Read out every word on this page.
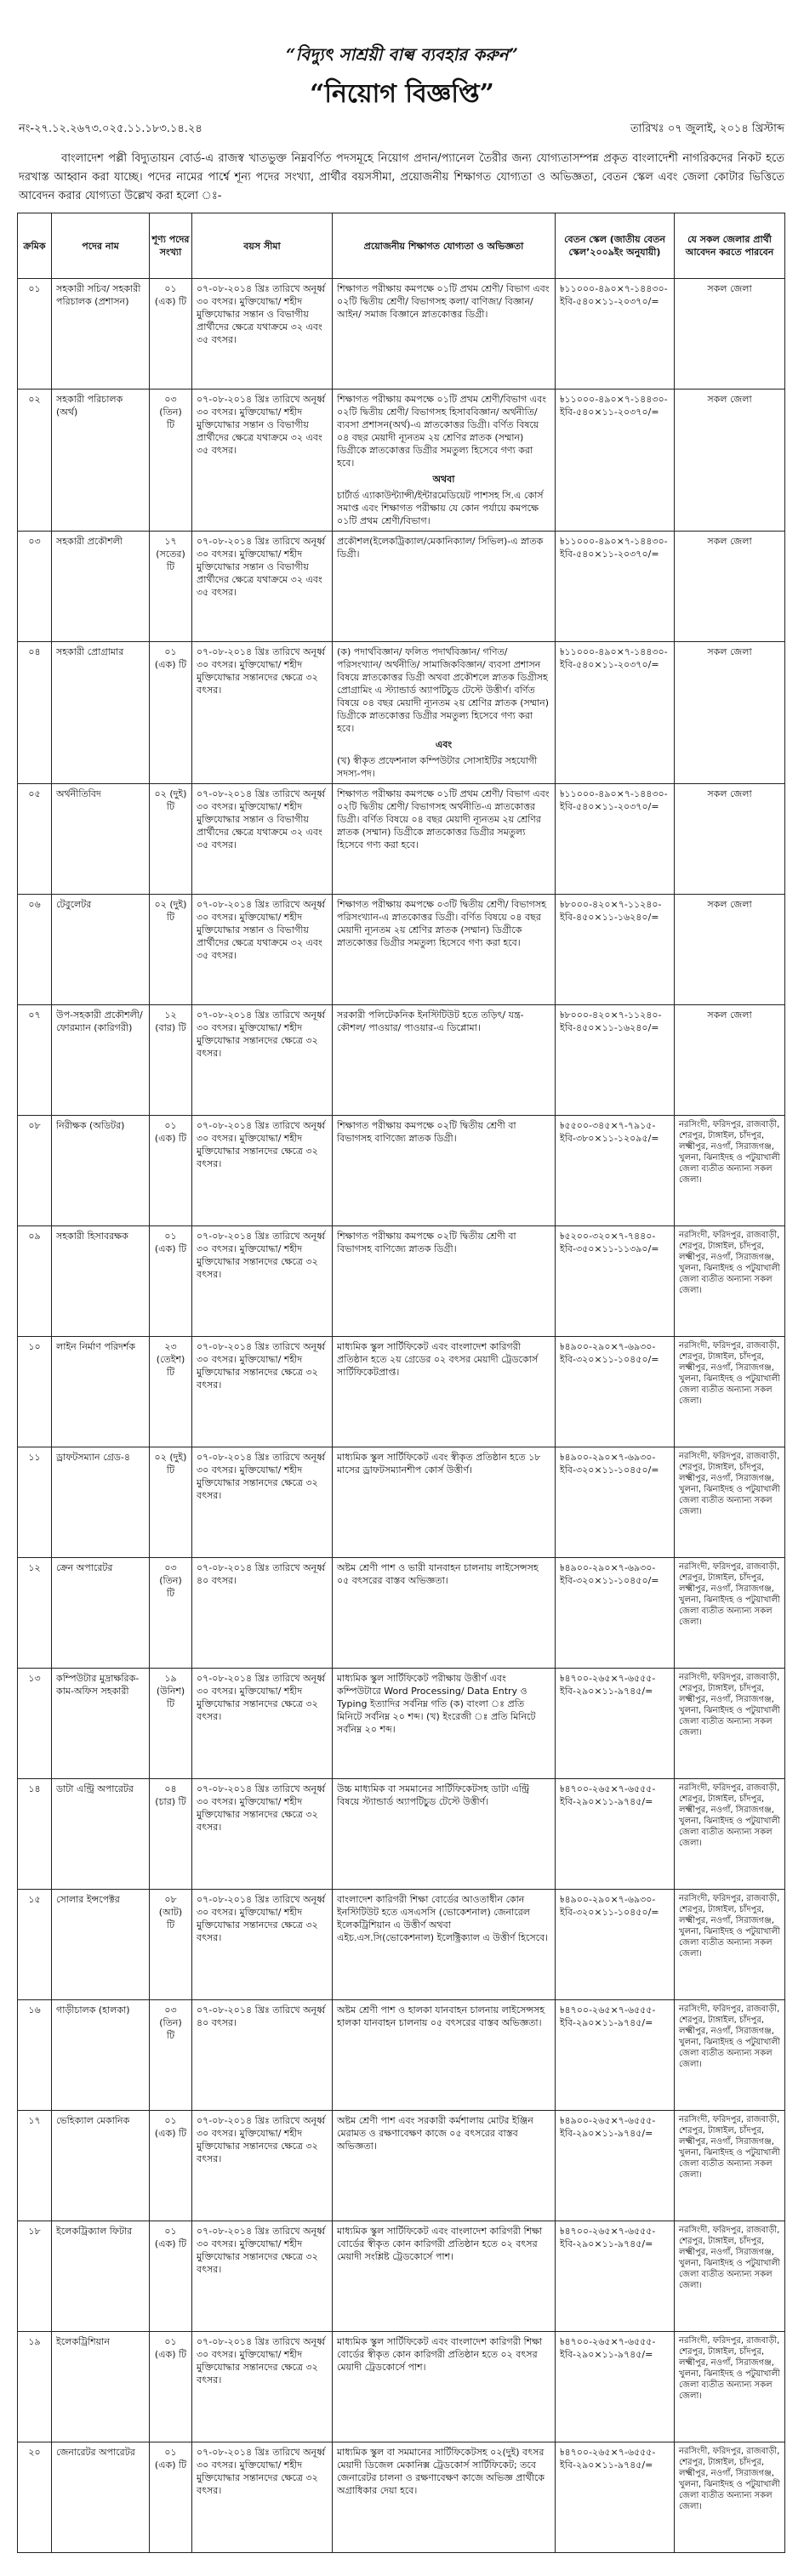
“বিদ্যুৎ সাশ্রয়ী বাল্ব ব্যবহার করুন”
“নিয়োগ বিজ্ঞপ্তি”
নং-২৭.১২.২৬৭৩.০২৫.১১.১৮৩.১৪.২৪	তারিখঃ ০৭ জুলাই, ২০১৪ খ্রিস্টাব্দ

বাংলাদেশ পল্লী বিদ্যুতায়ন বোর্ড-এ রাজস্ব খাতভুক্ত নিম্নবর্ণিত পদসমূহে নিয়োগ প্রদান/প্যানেল তৈরীর জন্য যোগ্যতাসম্পন্ন প্রকৃত বাংলাদেশী নাগরিকদের নিকট হতে দরখাস্ত আহ্বান করা যাচ্ছে। পদের নামের পার্শ্বে শূন্য পদের সংখ্যা, প্রার্থীর বয়সসীমা, প্রয়োজনীয় শিক্ষাগত যোগ্যতা ও অভিজ্ঞতা, বেতন স্কেল এবং জেলা কোটার ভিত্তিতে আবেদন করার যোগ্যতা উল্লেখ করা হলো ঃ-

ক্রমিক	পদের নাম	শূণ্য পদের সংখ্যা	বয়স সীমা	প্রয়োজনীয় শিক্ষাগত যোগ্যতা ও অভিজ্ঞতা	বেতন স্কেল (জাতীয় বেতন স্কেল’২০০৯ইং অনুযায়ী)	যে সকল জেলার প্রার্থী আবেদন করতে পারবেন
০১	সহকারী সচিব/ সহকারী পরিচালক (প্রশাসন)	০১ (এক) টি	০৭-০৮-২০১৪ খ্রিঃ তারিখে অনূর্ধ্ব ৩০ বৎসর। মুক্তিযোদ্ধা/ শহীদ মুক্তিযোদ্ধার সন্তান ও বিভাগীয় প্রার্থীদের ক্ষেত্রে যথাক্রমে ৩২ এবং ৩৫ বৎসর।	শিক্ষাগত পরীক্ষায় কমপক্ষে ০১টি প্রথম শ্রেণী/ বিভাগ এবং ০২টি দ্বিতীয় শ্রেণী/ বিভাগসহ কলা/ বাণিজ্য/ বিজ্ঞান/ আইন/ সমাজ বিজ্ঞানে স্নাতকোত্তর ডিগ্রী।	৳১১০০০-৪৯০×৭-১৪৪৩০-ইবি-৫৪০×১১-২০৩৭০/=	সকল জেলা
০২	সহকারী পরিচালক (অর্থ)	০৩ (তিন) টি	০৭-০৮-২০১৪ খ্রিঃ তারিখে অনূর্ধ্ব ৩০ বৎসর। মুক্তিযোদ্ধা/ শহীদ মুক্তিযোদ্ধার সন্তান ও বিভাগীয় প্রার্থীদের ক্ষেত্রে যথাক্রমে ৩২ এবং ৩৫ বৎসর।	শিক্ষাগত পরীক্ষায় কমপক্ষে ০১টি প্রথম শ্রেণী/বিভাগ এবং ০২টি দ্বিতীয় শ্রেণী/ বিভাগসহ হিসাববিজ্ঞান/ অর্থনীতি/ ব্যবসা প্রশাসন(অর্থ)-এ স্নাতকোত্তর ডিগ্রী। বর্ণিত বিষয়ে ০৪ বছর মেয়াদী ন্যূনতম ২য় শ্রেণির স্নাতক (সম্মান) ডিগ্রীকে স্নাতকোত্তর ডিগ্রীর সমতুল্য হিসেবে গণ্য করা হবে।
অথবা
চার্টার্ড এ্যাকাউন্ট্যান্সী/ইন্টারমেডিয়েট পাশসহ সি.এ কোর্স সমাপ্ত এবং শিক্ষাগত পরীক্ষায় যে কোন পর্যায়ে কমপক্ষে ০১টি প্রথম শ্রেণী/বিভাগ।	৳১১০০০-৪৯০×৭-১৪৪৩০-ইবি-৫৪০×১১-২০৩৭০/=	সকল জেলা
০৩	সহকারী প্রকৌশলী	১৭ (সতের) টি	০৭-০৮-২০১৪ খ্রিঃ তারিখে অনূর্ধ্ব ৩০ বৎসর। মুক্তিযোদ্ধা/ শহীদ মুক্তিযোদ্ধার সন্তান ও বিভাগীয় প্রার্থীদের ক্ষেত্রে যথাক্রমে ৩২ এবং ৩৫ বৎসর।	প্রকৌশল(ইলেকট্রিক্যাল/মেকানিক্যাল/ সিভিল)-এ স্নাতক ডিগ্রী।	৳১১০০০-৪৯০×৭-১৪৪৩০-ইবি-৫৪০×১১-২০৩৭০/=	সকল জেলা
০৪	সহকারী প্রোগ্রামার	০১ (এক) টি	০৭-০৮-২০১৪ খ্রিঃ তারিখে অনূর্ধ্ব ৩০ বৎসর। মুক্তিযোদ্ধা/ শহীদ মুক্তিযোদ্ধার সন্তানদের ক্ষেত্রে ৩২ বৎসর।	(ক) পদার্থবিজ্ঞান/ ফলিত পদার্থবিজ্ঞান/ গণিত/ পরিসংখ্যান/ অর্থনীতি/ সামাজিকবিজ্ঞান/ ব্যবসা প্রশাসন বিষয়ে স্নাতকোত্তর ডিগ্রী অথবা প্রকৌশলে স্নাতক ডিগ্রীসহ প্রোগ্রামিং এ স্ট্যান্ডার্ড অ্যাপটিচুড টেস্টে উত্তীর্ণ। বর্ণিত বিষয়ে ০৪ বছর মেয়াদী ন্যূনতম ২য় শ্রেণির স্নাতক (সম্মান) ডিগ্রীকে স্নাতকোত্তর ডিগ্রীর সমতুল্য হিসেবে গণ্য করা হবে।
এবং
(খ) স্বীকৃত প্রফেশনাল কম্পিউটার সোসাইটির সহযোগী সদস্য-পদ।	৳১১০০০-৪৯০×৭-১৪৪৩০-ইবি-৫৪০×১১-২০৩৭০/=	সকল জেলা
০৫	অর্থনীতিবিদ	০২ (দুই) টি	০৭-০৮-২০১৪ খ্রিঃ তারিখে অনূর্ধ্ব ৩০ বৎসর। মুক্তিযোদ্ধা/ শহীদ মুক্তিযোদ্ধার সন্তান ও বিভাগীয় প্রার্থীদের ক্ষেত্রে যথাক্রমে ৩২ এবং ৩৫ বৎসর।	শিক্ষাগত পরীক্ষায় কমপক্ষে ০১টি প্রথম শ্রেণী/ বিভাগ এবং ০২টি দ্বিতীয় শ্রেণী/ বিভাগসহ অর্থনীতি-এ স্নাতকোত্তর ডিগ্রী। বর্ণিত বিষয়ে ০৪ বছর মেয়াদী ন্যূনতম ২য় শ্রেণির স্নাতক (সম্মান) ডিগ্রীকে স্নাতকোত্তর ডিগ্রীর সমতুল্য হিসেবে গণ্য করা হবে।	৳১১০০০-৪৯০×৭-১৪৪৩০-ইবি-৫৪০×১১-২০৩৭০/=	সকল জেলা
০৬	টেবুলেটর	০২ (দুই) টি	০৭-০৮-২০১৪ খ্রিঃ তারিখে অনূর্ধ্ব ৩০ বৎসর। মুক্তিযোদ্ধা/ শহীদ মুক্তিযোদ্ধার সন্তান ও বিভাগীয় প্রার্থীদের ক্ষেত্রে যথাক্রমে ৩২ এবং ৩৫ বৎসর।	শিক্ষাগত পরীক্ষায় কমপক্ষে ০৩টি দ্বিতীয় শ্রেণী/ বিভাগসহ পরিসংখ্যান-এ স্নাতকোত্তর ডিগ্রী। বর্ণিত বিষয়ে ০৪ বছর মেয়াদী ন্যূনতম ২য় শ্রেণির স্নাতক (সম্মান) ডিগ্রীকে স্নাতকোত্তর ডিগ্রীর সমতুল্য হিসেবে গণ্য করা হবে।	৳৮০০০-৪২০×৭-১১২৪০-ইবি-৪৫০×১১-১৬২৪০/=	সকল জেলা
০৭	উপ-সহকারী প্রকৌশলী/ ফোরম্যান (কারিগরী)	১২ (বার) টি	০৭-০৮-২০১৪ খ্রিঃ তারিখে অনূর্ধ্ব ৩০ বৎসর। মুক্তিযোদ্ধা/ শহীদ মুক্তিযোদ্ধার সন্তানদের ক্ষেত্রে ৩২ বৎসর।	সরকারী পলিটেকনিক ইনস্টিটিউট হতে তড়িৎ/ যন্ত্র-কৌশল/ পাওয়ার/ পাওয়ার-এ ডিপ্লোমা।	৳৮০০০-৪২০×৭-১১২৪০-ইবি-৪৫০×১১-১৬২৪০/=	সকল জেলা
০৮	নিরীক্ষক (অডিটর)	০১ (এক) টি	০৭-০৮-২০১৪ খ্রিঃ তারিখে অনূর্ধ্ব ৩০ বৎসর। মুক্তিযোদ্ধা/ শহীদ মুক্তিযোদ্ধার সন্তানদের ক্ষেত্রে ৩২ বৎসর।	শিক্ষাগত পরীক্ষায় কমপক্ষে ০২টি দ্বিতীয় শ্রেণী বা বিভাগসহ বাণিজ্যে স্নাতক ডিগ্রী।	৳৫৫০০-৩৪৫×৭-৭৯১৫-ইবি-৩৮০×১১-১২০৯৫/=	নরসিংদী, ফরিদপুর, রাজবাড়ী, শেরপুর, টাঙ্গাইল, চাঁদপুর, লক্ষ্মীপুর, নওগাঁ, সিরাজগঞ্জ, খুলনা, ঝিনাইদহ ও পটুয়াখালী জেলা ব্যতীত অন্যান্য সকল জেলা।
০৯	সহকারী হিসাবরক্ষক	০১ (এক) টি	০৭-০৮-২০১৪ খ্রিঃ তারিখে অনূর্ধ্ব ৩০ বৎসর। মুক্তিযোদ্ধা/ শহীদ মুক্তিযোদ্ধার সন্তানদের ক্ষেত্রে ৩২ বৎসর।	শিক্ষাগত পরীক্ষায় কমপক্ষে ০২টি দ্বিতীয় শ্রেণী বা বিভাগসহ বাণিজ্যে স্নাতক ডিগ্রী।	৳৫২০০-৩২০×৭-৭৪৪০-ইবি-৩৫০×১১-১১৩৯০/=	নরসিংদী, ফরিদপুর, রাজবাড়ী, শেরপুর, টাঙ্গাইল, চাঁদপুর, লক্ষ্মীপুর, নওগাঁ, সিরাজগঞ্জ, খুলনা, ঝিনাইদহ ও পটুয়াখালী জেলা ব্যতীত অন্যান্য সকল জেলা।
১০	লাইন নির্মাণ পরিদর্শক	২৩ (তেইশ) টি	০৭-০৮-২০১৪ খ্রিঃ তারিখে অনূর্ধ্ব ৩০ বৎসর। মুক্তিযোদ্ধা/ শহীদ মুক্তিযোদ্ধার সন্তানদের ক্ষেত্রে ৩২ বৎসর।	মাধ্যমিক স্কুল সার্টিফিকেট এবং বাংলাদেশ কারিগরী প্রতিষ্ঠান হতে ২য় গ্রেডের ০২ বৎসর মেয়াদী ট্রেডকোর্স সার্টিফিকেটপ্রাপ্ত।	৳৪৯০০-২৯০×৭-৬৯৩০-ইবি-৩২০×১১-১০৪৫০/=	নরসিংদী, ফরিদপুর, রাজবাড়ী, শেরপুর, টাঙ্গাইল, চাঁদপুর, লক্ষ্মীপুর, নওগাঁ, সিরাজগঞ্জ, খুলনা, ঝিনাইদহ ও পটুয়াখালী জেলা ব্যতীত অন্যান্য সকল জেলা।
১১	ড্রাফটসম্যান গ্রেড-৪	০২ (দুই) টি	০৭-০৮-২০১৪ খ্রিঃ তারিখে অনূর্ধ্ব ৩০ বৎসর। মুক্তিযোদ্ধা/ শহীদ মুক্তিযোদ্ধার সন্তানদের ক্ষেত্রে ৩২ বৎসর।	মাধ্যমিক স্কুল সার্টিফিকেট এবং স্বীকৃত প্রতিষ্ঠান হতে ১৮ মাসের ড্রাফটসম্যানশীপ কোর্স উত্তীর্ণ।	৳৪৯০০-২৯০×৭-৬৯৩০-ইবি-৩২০×১১-১০৪৫০/=	নরসিংদী, ফরিদপুর, রাজবাড়ী, শেরপুর, টাঙ্গাইল, চাঁদপুর, লক্ষ্মীপুর, নওগাঁ, সিরাজগঞ্জ, খুলনা, ঝিনাইদহ ও পটুয়াখালী জেলা ব্যতীত অন্যান্য সকল জেলা।
১২	ক্রেন অপারেটর	০৩ (তিন) টি	০৭-০৮-২০১৪ খ্রিঃ তারিখে অনূর্ধ্ব ৪০ বৎসর।	অষ্টম শ্রেণী পাশ ও ভারী যানবাহন চালনায় লাইসেন্সসহ ০৫ বৎসরের বাস্তব অভিজ্ঞতা।	৳৪৯০০-২৯০×৭-৬৯৩০-ইবি-৩২০×১১-১০৪৫০/=	নরসিংদী, ফরিদপুর, রাজবাড়ী, শেরপুর, টাঙ্গাইল, চাঁদপুর, লক্ষ্মীপুর, নওগাঁ, সিরাজগঞ্জ, খুলনা, ঝিনাইদহ ও পটুয়াখালী জেলা ব্যতীত অন্যান্য সকল জেলা।
১৩	কম্পিউটার মুদ্রাক্ষরিক-কাম-অফিস সহকারী	১৯ (উনিশ) টি	০৭-০৮-২০১৪ খ্রিঃ তারিখে অনূর্ধ্ব ৩০ বৎসর। মুক্তিযোদ্ধা/ শহীদ মুক্তিযোদ্ধার সন্তানদের ক্ষেত্রে ৩২ বৎসর।	মাধ্যমিক স্কুল সার্টিফিকেট পরীক্ষায় উত্তীর্ণ এবং কম্পিউটারে Word Processing/ Data Entry ও Typing ইত্যাদির সর্বনিম্ন গতি (ক) বাংলা ঃ প্রতি মিনিটে সর্বনিম্ন ২০ শব্দ। (খ) ইংরেজী ঃ প্রতি মিনিটে সর্বনিম্ন ২০ শব্দ।	৳৪৭০০-২৬৫×৭-৬৫৫৫-ইবি-২৯০×১১-৯৭৪৫/=	নরসিংদী, ফরিদপুর, রাজবাড়ী, শেরপুর, টাঙ্গাইল, চাঁদপুর, লক্ষ্মীপুর, নওগাঁ, সিরাজগঞ্জ, খুলনা, ঝিনাইদহ ও পটুয়াখালী জেলা ব্যতীত অন্যান্য সকল জেলা।
১৪	ডাটা এন্ট্রি অপারেটর	০৪ (চার) টি	০৭-০৮-২০১৪ খ্রিঃ তারিখে অনূর্ধ্ব ৩০ বৎসর। মুক্তিযোদ্ধা/ শহীদ মুক্তিযোদ্ধার সন্তানদের ক্ষেত্রে ৩২ বৎসর।	উচ্চ মাধ্যমিক বা সমমানের সার্টিফিকেটসহ ডাটা এন্ট্রি বিষয়ে স্ট্যান্ডার্ড অ্যাপটিচুড টেস্টে উত্তীর্ণ।	৳৪৭০০-২৬৫×৭-৬৫৫৫-ইবি-২৯০×১১-৯৭৪৫/=	নরসিংদী, ফরিদপুর, রাজবাড়ী, শেরপুর, টাঙ্গাইল, চাঁদপুর, লক্ষ্মীপুর, নওগাঁ, সিরাজগঞ্জ, খুলনা, ঝিনাইদহ ও পটুয়াখালী জেলা ব্যতীত অন্যান্য সকল জেলা।
১৫	সোলার ইন্সপেক্টর	০৮ (আট) টি	০৭-০৮-২০১৪ খ্রিঃ তারিখে অনূর্ধ্ব ৩০ বৎসর। মুক্তিযোদ্ধা/ শহীদ মুক্তিযোদ্ধার সন্তানদের ক্ষেত্রে ৩২ বৎসর।	বাংলাদেশ কারিগরী শিক্ষা বোর্ডের আওতাধীন কোন ইনস্টিটিউট হতে এসএসসি (ভোকেশনাল) জেনারেল ইলেকট্রিশিয়ান এ উত্তীর্ণ অথবা এইচ.এস.সি(ভোকেশনাল) ইলেক্ট্রিক্যাল এ উত্তীর্ণ হিসেবে।	৳৪৯০০-২৯০×৭-৬৯৩০-ইবি-৩২০×১১-১০৪৫০/=	নরসিংদী, ফরিদপুর, রাজবাড়ী, শেরপুর, টাঙ্গাইল, চাঁদপুর, লক্ষ্মীপুর, নওগাঁ, সিরাজগঞ্জ, খুলনা, ঝিনাইদহ ও পটুয়াখালী জেলা ব্যতীত অন্যান্য সকল জেলা।
১৬	গাড়ীচালক (হালকা)	০৩ (তিন) টি	০৭-০৮-২০১৪ খ্রিঃ তারিখে অনূর্ধ্ব ৪০ বৎসর।	অষ্টম শ্রেণী পাশ ও হালকা যানবাহন চালনায় লাইসেন্সসহ হালকা যানবাহন চালনায় ০৫ বৎসরের বাস্তব অভিজ্ঞতা।	৳৪৭০০-২৬৫×৭-৬৫৫৫-ইবি-২৯০×১১-৯৭৪৫/=	নরসিংদী, ফরিদপুর, রাজবাড়ী, শেরপুর, টাঙ্গাইল, চাঁদপুর, লক্ষ্মীপুর, নওগাঁ, সিরাজগঞ্জ, খুলনা, ঝিনাইদহ ও পটুয়াখালী জেলা ব্যতীত অন্যান্য সকল জেলা।
১৭	ভেহিক্যাল মেকানিক	০১ (এক) টি	০৭-০৮-২০১৪ খ্রিঃ তারিখে অনূর্ধ্ব ৩০ বৎসর। মুক্তিযোদ্ধা/ শহীদ মুক্তিযোদ্ধার সন্তানদের ক্ষেত্রে ৩২ বৎসর।	অষ্টম শ্রেণী পাশ এবং সরকারী কর্মশালায় মোটর ইঞ্জিন মেরামত ও রক্ষণাবেক্ষণ কাজে ০৫ বৎসরের বাস্তব অভিজ্ঞতা।	৳৪৯০০-২৬৫×৭-৬৫৫৫-ইবি-২৯০×১১-৯৭৪৫/=	নরসিংদী, ফরিদপুর, রাজবাড়ী, শেরপুর, টাঙ্গাইল, চাঁদপুর, লক্ষ্মীপুর, নওগাঁ, সিরাজগঞ্জ, খুলনা, ঝিনাইদহ ও পটুয়াখালী জেলা ব্যতীত অন্যান্য সকল জেলা।
১৮	ইলেকট্রিক্যাল ফিটার	০১ (এক) টি	০৭-০৮-২০১৪ খ্রিঃ তারিখে অনূর্ধ্ব ৩০ বৎসর। মুক্তিযোদ্ধা/ শহীদ মুক্তিযোদ্ধার সন্তানদের ক্ষেত্রে ৩২ বৎসর।	মাধ্যমিক স্কুল সার্টিফিকেট এবং বাংলাদেশ কারিগরী শিক্ষা বোর্ডের স্বীকৃত কোন কারিগরী প্রতিষ্ঠান হতে ০২ বৎসর মেয়াদী সংশ্লিষ্ট ট্রেডকোর্সে পাশ।	৳৪৭০০-২৬৫×৭-৬৫৫৫-ইবি-২৯০×১১-৯৭৪৫/=	নরসিংদী, ফরিদপুর, রাজবাড়ী, শেরপুর, টাঙ্গাইল, চাঁদপুর, লক্ষ্মীপুর, নওগাঁ, সিরাজগঞ্জ, খুলনা, ঝিনাইদহ ও পটুয়াখালী জেলা ব্যতীত অন্যান্য সকল জেলা।
১৯	ইলেকট্রিশিয়ান	০১ (এক) টি	০৭-০৮-২০১৪ খ্রিঃ তারিখে অনূর্ধ্ব ৩০ বৎসর। মুক্তিযোদ্ধা/ শহীদ মুক্তিযোদ্ধার সন্তানদের ক্ষেত্রে ৩২ বৎসর।	মাধ্যমিক স্কুল সার্টিফিকেট এবং বাংলাদেশ কারিগরী শিক্ষা বোর্ডের স্বীকৃত কোন কারিগরী প্রতিষ্ঠান হতে ০২ বৎসর মেয়াদী ট্রেডকোর্সে পাশ।	৳৪৭০০-২৬৫×৭-৬৫৫৫-ইবি-২৯০×১১-৯৭৪৫/=	নরসিংদী, ফরিদপুর, রাজবাড়ী, শেরপুর, টাঙ্গাইল, চাঁদপুর, লক্ষ্মীপুর, নওগাঁ, সিরাজগঞ্জ, খুলনা, ঝিনাইদহ ও পটুয়াখালী জেলা ব্যতীত অন্যান্য সকল জেলা।
২০	জেনারেটর অপারেটর	০১ (এক) টি	০৭-০৮-২০১৪ খ্রিঃ তারিখে অনূর্ধ্ব ৩০ বৎসর। মুক্তিযোদ্ধা/ শহীদ মুক্তিযোদ্ধার সন্তানদের ক্ষেত্রে ৩২ বৎসর।	মাধ্যমিক স্কুল বা সমমানের সার্টিফিকেটসহ ০২(দুই) বৎসর মেয়াদী ডিজেল মেকানিক্স ট্রেডকোর্স সার্টিফিকেট; তবে জেনারেটর চালনা ও রক্ষণাবেক্ষণ কাজে অভিজ্ঞ প্রার্থীকে অগ্রাধিকার দেয়া হবে।	৳৪৭০০-২৬৫×৭-৬৫৫৫-ইবি-২৯০×১১-৯৭৪৫/=	নরসিংদী, ফরিদপুর, রাজবাড়ী, শেরপুর, টাঙ্গাইল, চাঁদপুর, লক্ষ্মীপুর, নওগাঁ, সিরাজগঞ্জ, খুলনা, ঝিনাইদহ ও পটুয়াখালী জেলা ব্যতীত অন্যান্য সকল জেলা।
